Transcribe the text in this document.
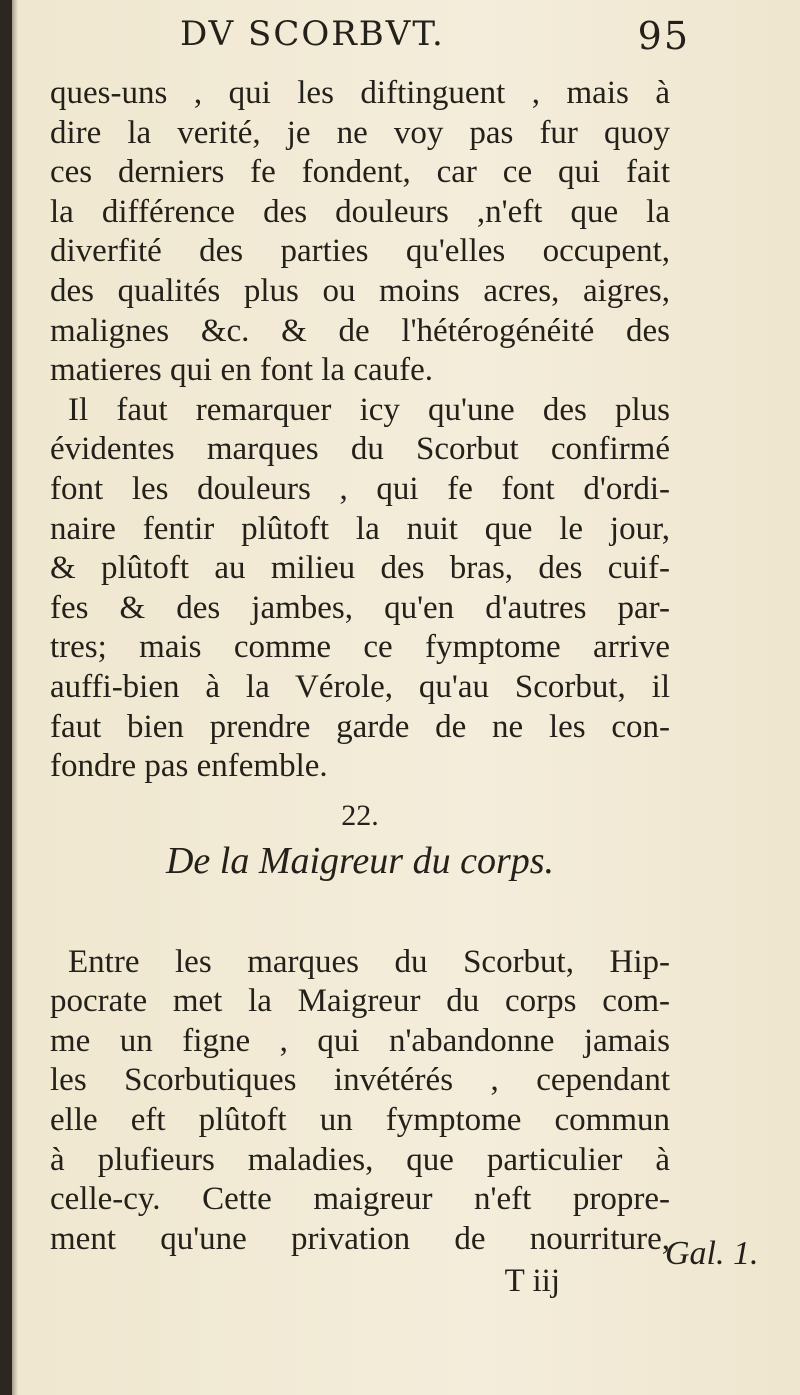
DV SCORBVT.	95
ques-uns , qui les diftinguent , mais à
dire la verité, je ne voy pas fur quoy
ces derniers fe fondent, car ce qui fait
la différence des douleurs ,n'eft que la
diverfité des parties qu'elles occupent,
des qualités plus ou moins acres, aigres,
malignes &c. & de l'hétérogénéité des
matieres qui en font la caufe.
Il faut remarquer icy qu'une des plus
évidentes marques du Scorbut confirmé
font les douleurs , qui fe font d'ordi-
naire fentir plûtoft la nuit que le jour,
& plûtoft au milieu des bras, des cuif-
fes & des jambes, qu'en d'autres par-
tres; mais comme ce fymptome arrive
auffi-bien à la Vérole, qu'au Scorbut, il
faut bien prendre garde de ne les con-
fondre pas enfemble.
22.
De la Maigreur du corps.
Entre les marques du Scorbut, Hip-
pocrate met la Maigreur du corps com-
me un figne , qui n'abandonne jamais
les Scorbutiques invétérés , cependant
elle eft plûtoft un fymptome commun
à plufieurs maladies, que particulier à
celle-cy. Cette maigreur n'eft propre-
ment qu'une privation de nourriture,
T iij
Gal. 1.
